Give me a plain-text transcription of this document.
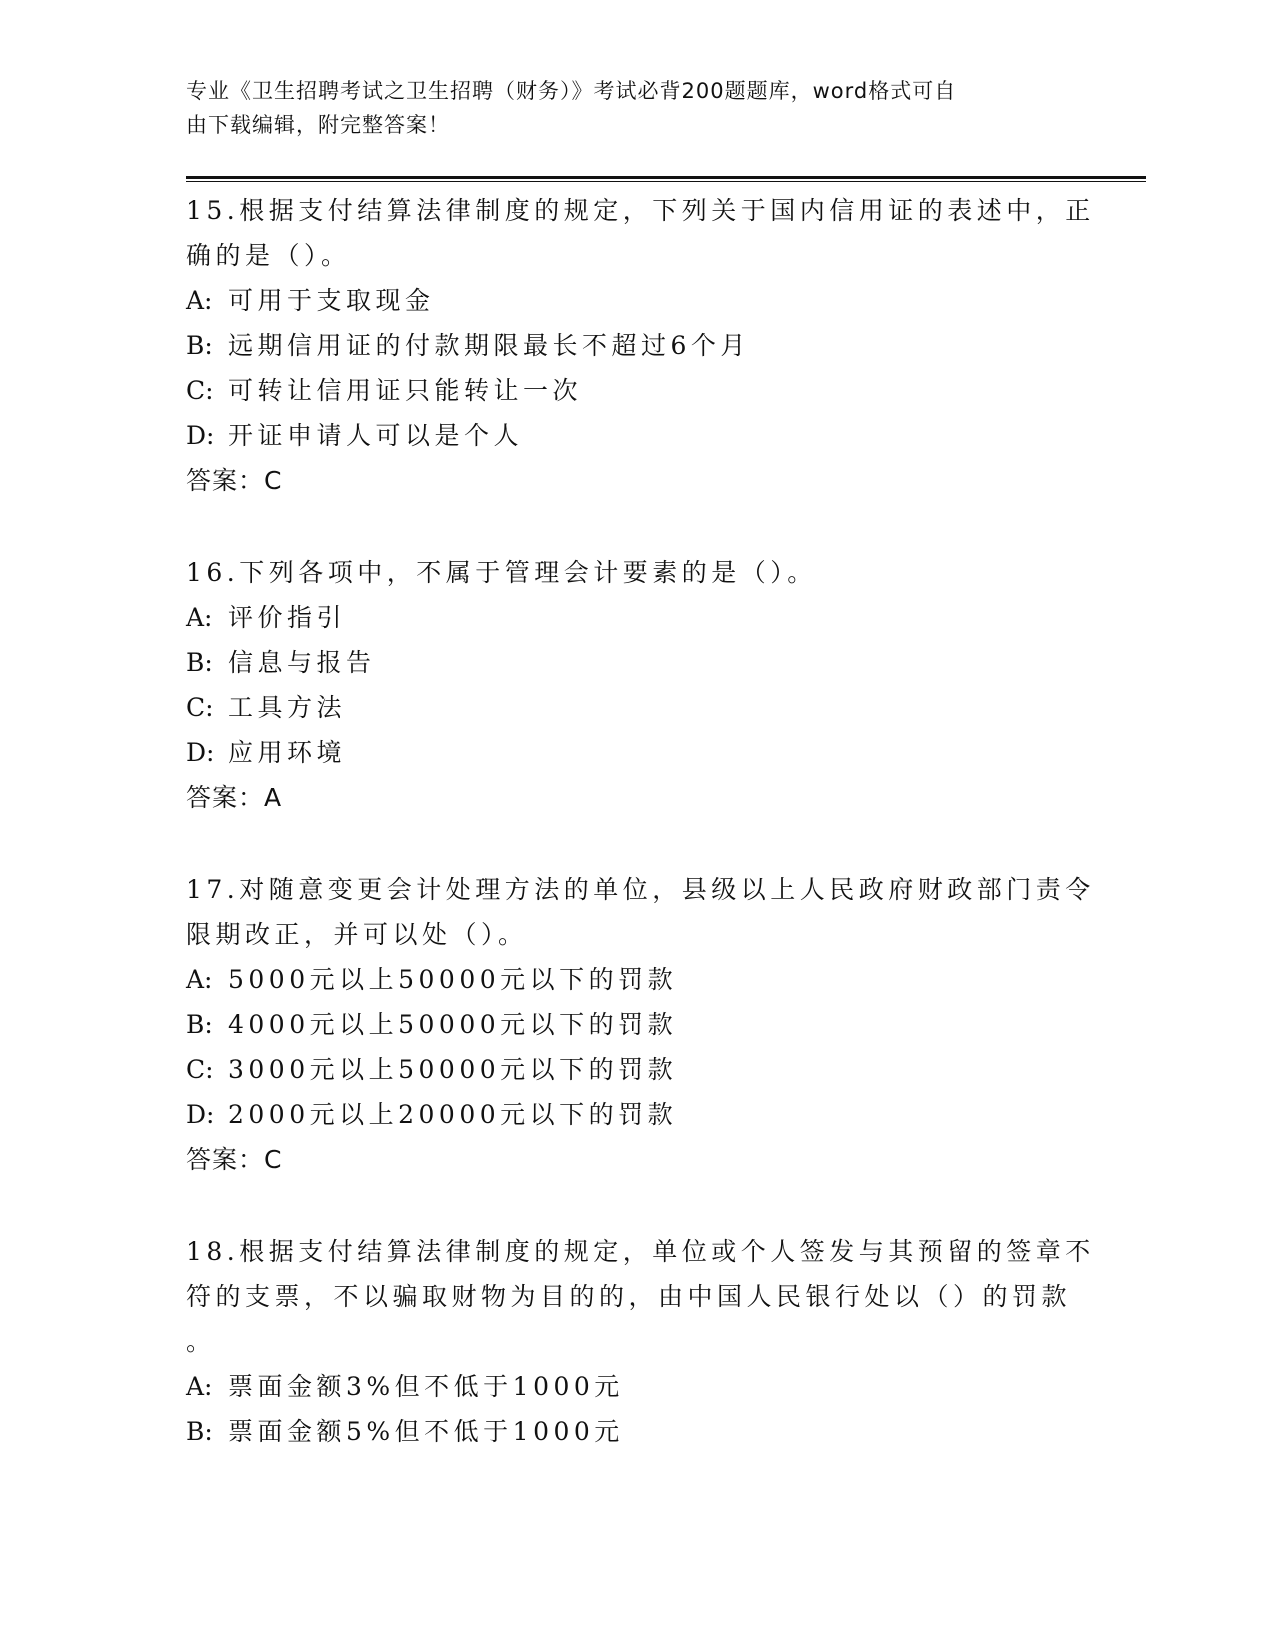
专业《卫生招聘考试之卫生招聘（财务）》考试必背200题题库，word格式可自
由下载编辑，附完整答案！
15.根据支付结算法律制度的规定，下列关于国内信用证的表述中，正
确的是（）。
A: 可用于支取现金
B: 远期信用证的付款期限最长不超过6个月
C: 可转让信用证只能转让一次
D: 开证申请人可以是个人
答案：C
16.下列各项中，不属于管理会计要素的是（）。
A: 评价指引
B: 信息与报告
C: 工具方法
D: 应用环境
答案：A
17.对随意变更会计处理方法的单位，县级以上人民政府财政部门责令
限期改正，并可以处（）。
A: 5000元以上50000元以下的罚款
B: 4000元以上50000元以下的罚款
C: 3000元以上50000元以下的罚款
D: 2000元以上20000元以下的罚款
答案：C
18.根据支付结算法律制度的规定，单位或个人签发与其预留的签章不
符的支票，不以骗取财物为目的的，由中国人民银行处以（）的罚款
。
A: 票面金额3%但不低于1000元
B: 票面金额5%但不低于1000元
